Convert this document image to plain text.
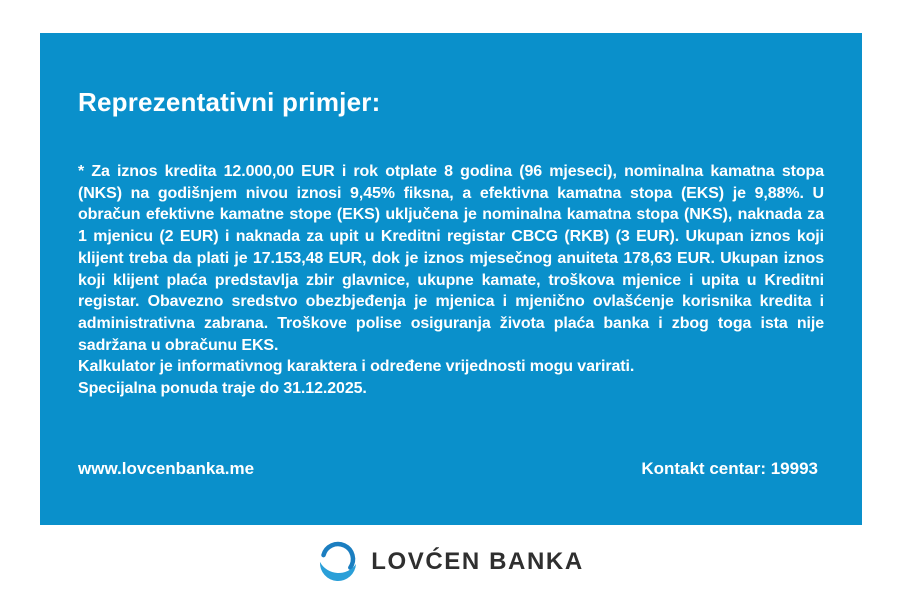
Reprezentativni primjer:

* Za iznos kredita 12.000,00 EUR i rok otplate 8 godina (96 mjeseci), nominalna kamatna stopa (NKS) na godišnjem nivou iznosi 9,45% fiksna, a efektivna kamatna stopa (EKS) je 9,88%. U obračun efektivne kamatne stope (EKS) uključena je nominalna kamatna stopa (NKS), naknada za 1 mjenicu (2 EUR) i naknada za upit u Kreditni registar CBCG (RKB) (3 EUR). Ukupan iznos koji klijent treba da plati je 17.153,48 EUR, dok je iznos mjesečnog anuiteta 178,63 EUR. Ukupan iznos koji klijent plaća predstavlja zbir glavnice, ukupne kamate, troškova mjenice i upita u Kreditni registar. Obavezno sredstvo obezbjeđenja je mjenica i mjenično ovlašćenje korisnika kredita i administrativna zabrana. Troškove polise osiguranja života plaća banka i zbog toga ista nije sadržana u obračunu EKS.

Kalkulator je informativnog karaktera i određene vrijednosti mogu varirati.

Specijalna ponuda traje do 31.12.2025.

www.lovcenbanka.me	Kontakt centar: 19993
LOVĆEN BANKA
